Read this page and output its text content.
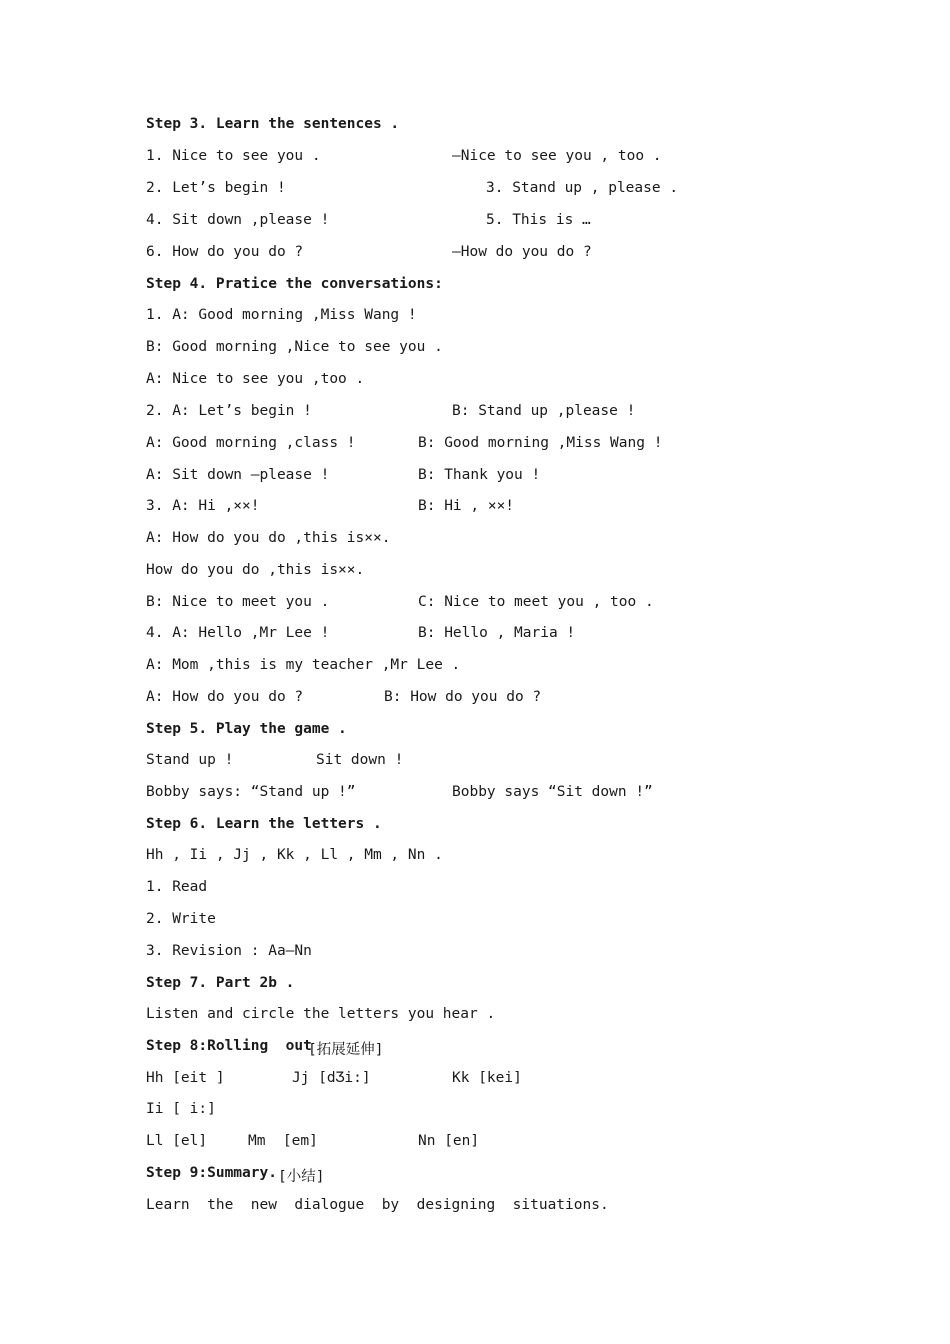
Step 3. Learn the sentences .

1. Nice to see you .

	—Nice to see you , too .

2. Let’s begin !

	3. Stand up , please .

4. Sit down ,please !

	5. This is …

6. How do you do ?

	—How do you do ?

Step 4. Pratice the conversations:
1. A: Good morning ,Miss Wang !
B: Good morning ,Nice to see you .
A: Nice to see you ,too .

2. A: Let’s begin !

	B: Stand up ,please !

A: Good morning ,class !

	B: Good morning ,Miss Wang !

A: Sit down —please !

	B: Thank you !

3. A: Hi ,××!

	B: Hi , ××!

A: How do you do ,this is××.
How do you do ,this is××.

B: Nice to meet you .

	C: Nice to meet you , too .

4. A: Hello ,Mr Lee !

	B: Hello , Maria !

A: Mom ,this is my teacher ,Mr Lee .

A: How do you do ?

	B: How do you do ?

Step 5. Play the game .

Stand up !

	Sit down !

Bobby says: “Stand up !”

	Bobby says “Sit down !”

Step 6. Learn the letters .
Hh , Ii , Jj , Kk , Ll , Mm , Nn .
1. Read
2. Write
3. Revision : Aa—Nn
Step 7. Part 2b .
Listen and circle the letters you hear .

Step 8:Rolling  out

[拓展延伸]

Hh [eit ]

	Jj [dƷi:]

	Kk [kei]

Ii [ i:]

Ll [el]

	Mm  [em]

	Nn [en]

Step 9:Summary.

[小结]

Learn  the  new  dialogue  by  designing  situations.
